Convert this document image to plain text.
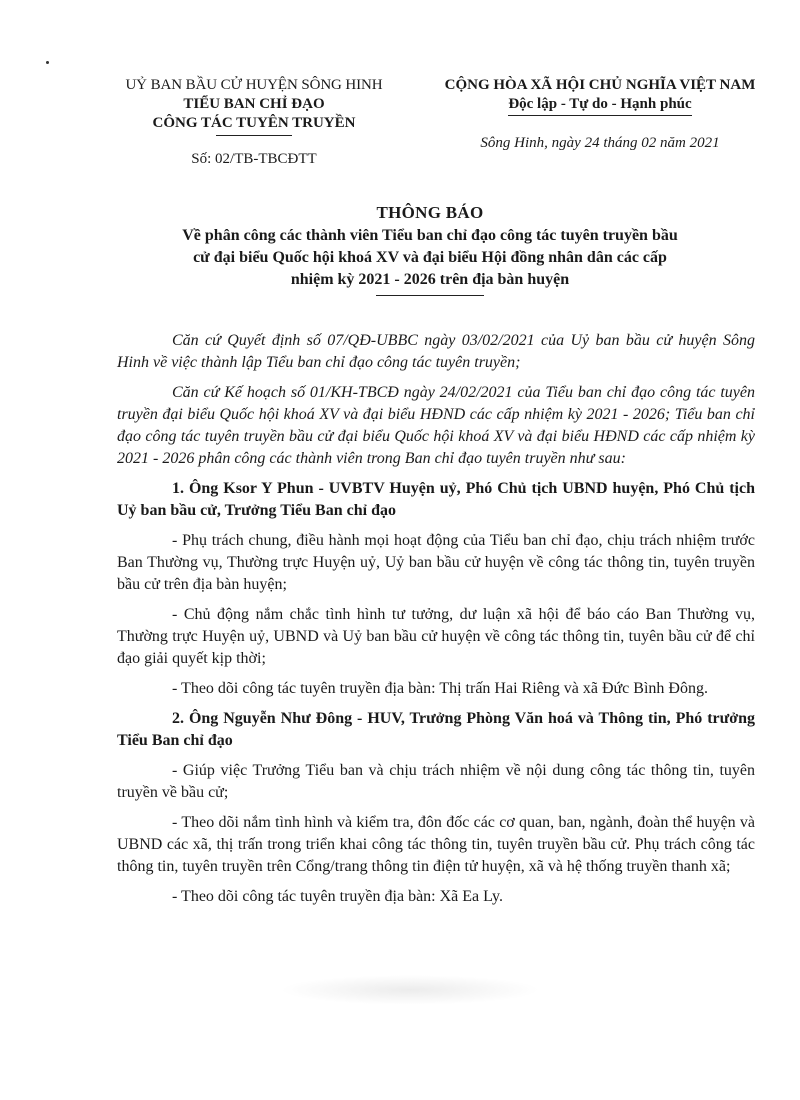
UỶ BAN BẦU CỬ HUYỆN SÔNG HINH
TIỂU BAN CHỈ ĐẠO
CÔNG TÁC TUYÊN TRUYỀN
Số: 02/TB-TBCĐTT
CỘNG HÒA XÃ HỘI CHỦ NGHĨA VIỆT NAM
Độc lập - Tự do - Hạnh phúc
Sông Hinh, ngày 24 tháng 02 năm 2021
THÔNG BÁO
Về phân công các thành viên Tiểu ban chỉ đạo công tác tuyên truyền bầu
cử đại biểu Quốc hội khoá XV và đại biểu Hội đồng nhân dân các cấp
nhiệm kỳ 2021 - 2026 trên địa bàn huyện

Căn cứ Quyết định số 07/QĐ-UBBC ngày 03/02/2021 của Uỷ ban bầu cử huyện Sông Hinh về việc thành lập Tiểu ban chỉ đạo công tác tuyên truyền;

Căn cứ Kế hoạch số 01/KH-TBCĐ ngày 24/02/2021 của Tiểu ban chỉ đạo công tác tuyên truyền đại biểu Quốc hội khoá XV và đại biểu HĐND các cấp nhiệm kỳ 2021 - 2026; Tiểu ban chỉ đạo công tác tuyên truyền bầu cử đại biểu Quốc hội khoá XV và đại biểu HĐND các cấp nhiệm kỳ 2021 - 2026 phân công các thành viên trong Ban chỉ đạo tuyên truyền như sau:

1. Ông Ksor Y Phun - UVBTV Huyện uỷ, Phó Chủ tịch UBND huyện, Phó Chủ tịch Uỷ ban bầu cử, Trưởng Tiểu Ban chỉ đạo

- Phụ trách chung, điều hành mọi hoạt động của Tiểu ban chỉ đạo, chịu trách nhiệm trước Ban Thường vụ, Thường trực Huyện uỷ, Uỷ ban bầu cử huyện về công tác thông tin, tuyên truyền bầu cử trên địa bàn huyện;

- Chủ động nắm chắc tình hình tư tưởng, dư luận xã hội để báo cáo Ban Thường vụ, Thường trực Huyện uỷ, UBND và Uỷ ban bầu cử huyện về công tác thông tin, tuyên bầu cử để chỉ đạo giải quyết kịp thời;

- Theo dõi công tác tuyên truyền địa bàn: Thị trấn Hai Riêng và xã Đức Bình Đông.

2. Ông Nguyễn Như Đông - HUV, Trưởng Phòng Văn hoá và Thông tin, Phó trưởng Tiểu Ban chỉ đạo

- Giúp việc Trưởng Tiểu ban và chịu trách nhiệm về nội dung công tác thông tin, tuyên truyền về bầu cử;

- Theo dõi nắm tình hình và kiểm tra, đôn đốc các cơ quan, ban, ngành, đoàn thể huyện và UBND các xã, thị trấn trong triển khai công tác thông tin, tuyên truyền bầu cử. Phụ trách công tác thông tin, tuyên truyền trên Cổng/trang thông tin điện tử huyện, xã và hệ thống truyền thanh xã;

- Theo dõi công tác tuyên truyền địa bàn: Xã Ea Ly.
